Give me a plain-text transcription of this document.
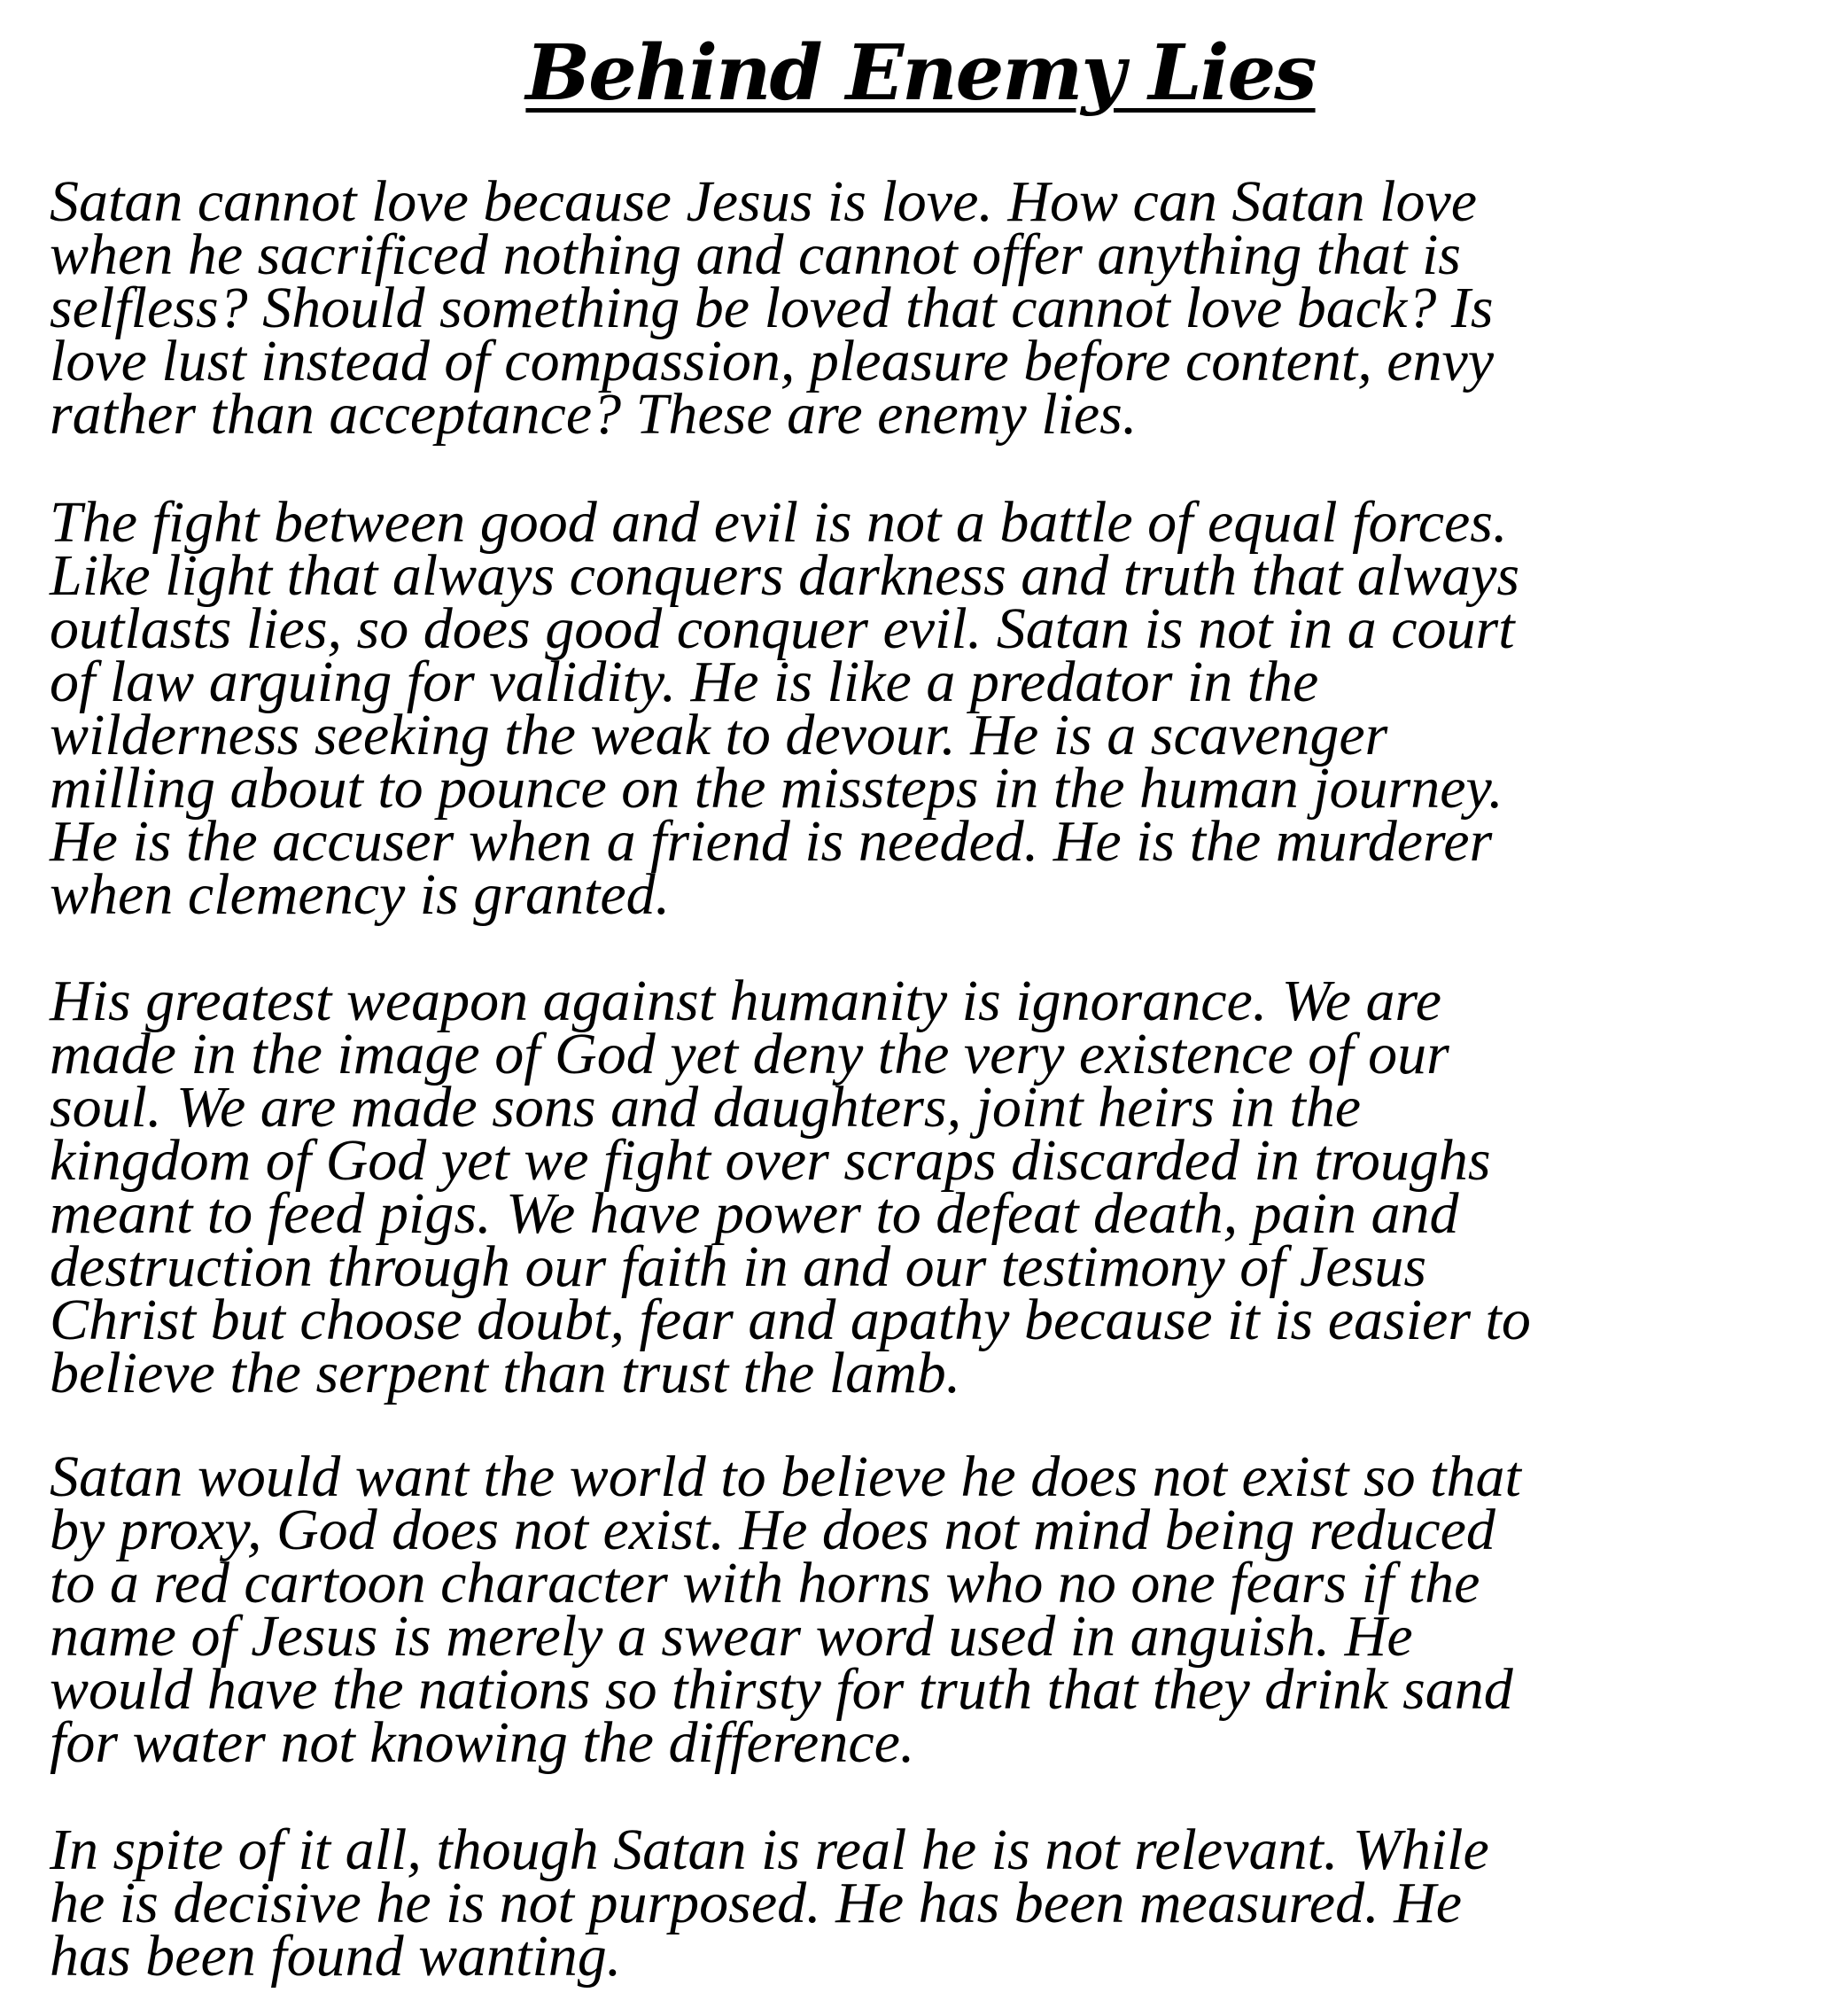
Behind Enemy Lies

Satan cannot love because Jesus is love. How can Satan love
when he sacrificed nothing and cannot offer anything that is
selfless? Should something be loved that cannot love back? Is
love lust instead of compassion, pleasure before content, envy
rather than acceptance? These are enemy lies.

The fight between good and evil is not a battle of equal forces.
Like light that always conquers darkness and truth that always
outlasts lies, so does good conquer evil. Satan is not in a court
of law arguing for validity. He is like a predator in the
wilderness seeking the weak to devour. He is a scavenger
milling about to pounce on the missteps in the human journey.
He is the accuser when a friend is needed. He is the murderer
when clemency is granted.

His greatest weapon against humanity is ignorance. We are
made in the image of God yet deny the very existence of our
soul. We are made sons and daughters, joint heirs in the
kingdom of God yet we fight over scraps discarded in troughs
meant to feed pigs. We have power to defeat death, pain and
destruction through our faith in and our testimony of Jesus
Christ but choose doubt, fear and apathy because it is easier to
believe the serpent than trust the lamb.

Satan would want the world to believe he does not exist so that
by proxy, God does not exist. He does not mind being reduced
to a red cartoon character with horns who no one fears if the
name of Jesus is merely a swear word used in anguish. He
would have the nations so thirsty for truth that they drink sand
for water not knowing the difference.

In spite of it all, though Satan is real he is not relevant. While
he is decisive he is not purposed. He has been measured. He
has been found wanting.
